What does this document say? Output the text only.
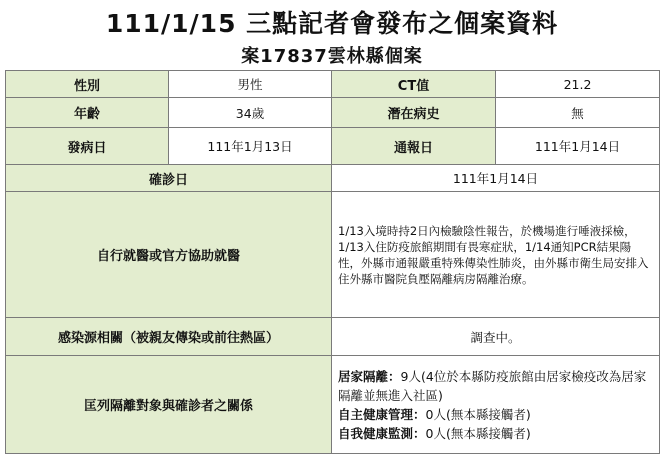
111/1/15 三點記者會發布之個案資料
案17837雲林縣個案
性別	男性	CT值	21.2
年齡	34歲	潛在病史	無
發病日	111年1月13日	通報日	111年1月14日
確診日		111年1月14日	
自行就醫或官方協助就醫		1/13入境時持2日內檢驗陰性報告，於機場進行唾液採檢，1/13入住防疫旅館期間有畏寒症狀，1/14通知PCR結果陽性，外縣市通報嚴重特殊傳染性肺炎，由外縣市衛生局安排入住外縣市醫院負壓隔離病房隔離治療。	
感染源相關（被親友傳染或前往熱區）		調查中。	
匡列隔離對象與確診者之關係		居家隔離：9人(4位於本縣防疫旅館由居家檢疫改為居家隔離並無進入社區)
自主健康管理：0人(無本縣接觸者)
自我健康監測：0人(無本縣接觸者)	
